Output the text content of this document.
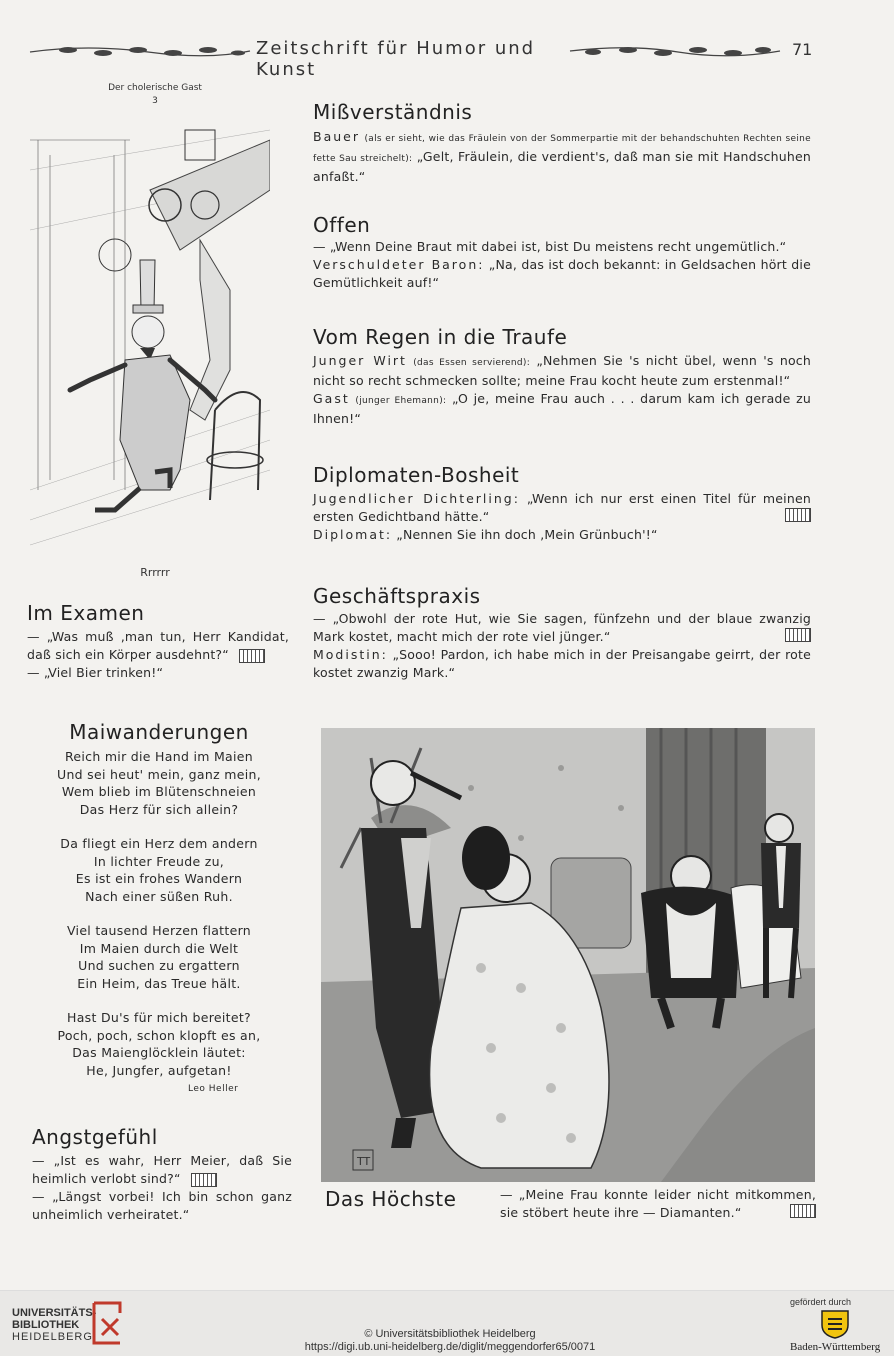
Zeitschrift für Humor und Kunst
71
Der cholerische Gast
3
Rrrrrr
Mißverständnis
Bauer (als er sieht, wie das Fräulein von der Sommerpartie mit der behandschuhten Rechten seine fette Sau streichelt): „Gelt, Fräulein, die verdient's, daß man sie mit Handschuhen anfaßt.“
Offen
— „Wenn Deine Braut mit dabei ist, bist Du meistens recht ungemütlich.“
Verschuldeter Baron: „Na, das ist doch bekannt: in Geldsachen hört die Gemütlichkeit auf!“
Vom Regen in die Traufe
Junger Wirt (das Essen servierend): „Nehmen Sie 's nicht übel, wenn 's noch nicht so recht schmecken sollte; meine Frau kocht heute zum erstenmal!“
Gast (junger Ehemann): „O je, meine Frau auch . . . darum kam ich gerade zu Ihnen!“
Diplomaten-Bosheit
Jugendlicher Dichterling: „Wenn ich nur erst einen Titel für meinen ersten Gedichtband hätte.“

Diplomat: „Nennen Sie ihn doch ‚Mein Grünbuch'!“
Geschäftspraxis
— „Obwohl der rote Hut, wie Sie sagen, fünfzehn und der blaue zwanzig Mark kostet, macht mich der rote viel jünger.“

Modistin: „Sooo! Pardon, ich habe mich in der Preisangabe geirrt, der rote kostet zwanzig Mark.“
Im Examen
— „Was muß ‚man tun, Herr Kandidat, daß sich ein Körper ausdehnt?“
— „Viel Bier trinken!“
Maiwanderungen
Reich mir die Hand im Maien
Und sei heut' mein, ganz mein,
Wem blieb im Blütenschneien
Das Herz für sich allein?
Da fliegt ein Herz dem andern
In lichter Freude zu,
Es ist ein frohes Wandern
Nach einer süßen Ruh.
Viel tausend Herzen flattern
Im Maien durch die Welt
Und suchen zu ergattern
Ein Heim, das Treue hält.
Hast Du's für mich bereitet?
Poch, poch, schon klopft es an,
Das Maienglöcklein läutet:
He, Jungfer, aufgetan!
Leo Heller
Angstgefühl
— „Ist es wahr, Herr Meier, daß Sie heimlich verlobt sind?“
— „Längst vorbei! Ich bin schon ganz unheimlich verheiratet.“
TT
Das Höchste	— „Meine Frau konnte leider nicht mitkommen, sie stöbert heute ihre — Diamanten.“
UNIVERSITÄTS-
BIBLIOTHEK
HEIDELBERG	© Universitätsbibliothek Heidelberg
https://digi.ub.uni-heidelberg.de/diglit/meggendorfer65/0071
gefördert durch
Baden-Württemberg
